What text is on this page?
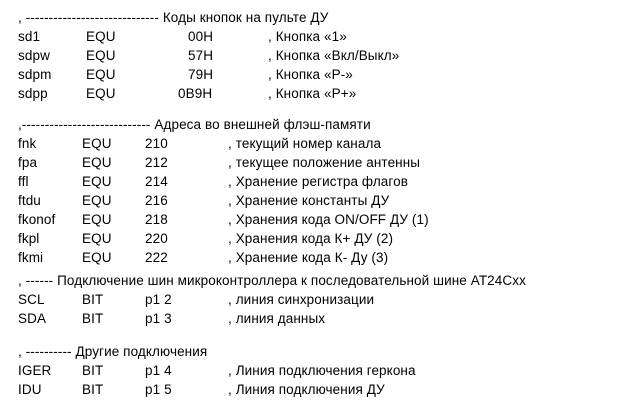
, ----------------------------- Коды кнопок на пульте ДУ
sd1	EQU	00H	, Кнопка «1»
sdpw	EQU	57H	, Кнопка «Вкл/Выкл»
sdpm	EQU	79H	, Кнопка «Р-»
sdpp	EQU	0B9H	, Кнопка «Р+»
,---------------------------- Адреса во внешней флэш-памяти
fnk	EQU 210	, текущий номер канала
fpa	EQU 212	, текущее положение антенны
ffl	EQU 214	, Хранение регистра флагов
ftdu	EQU 216	, Хранение константы ДУ
fkonof EQU 218	, Хранения кода ON/OFF ДУ (1)
fkpl	EQU 220	, Хранения кода К+ ДУ (2)
fkmi	EQU 222	, Хранение кода К- Ду (3)
, ------ Подключение шин микроконтроллера к последовательной шине AT24Cxx
SCL	BIT	p1 2	, линия синхронизации
SDA	BIT	p1 3	, линия данных
, ---------- Другие подключения
IGER BIT	p1 4	, Линия подключения геркона
IDU	BIT	p1 5	, Линия подключения ДУ
